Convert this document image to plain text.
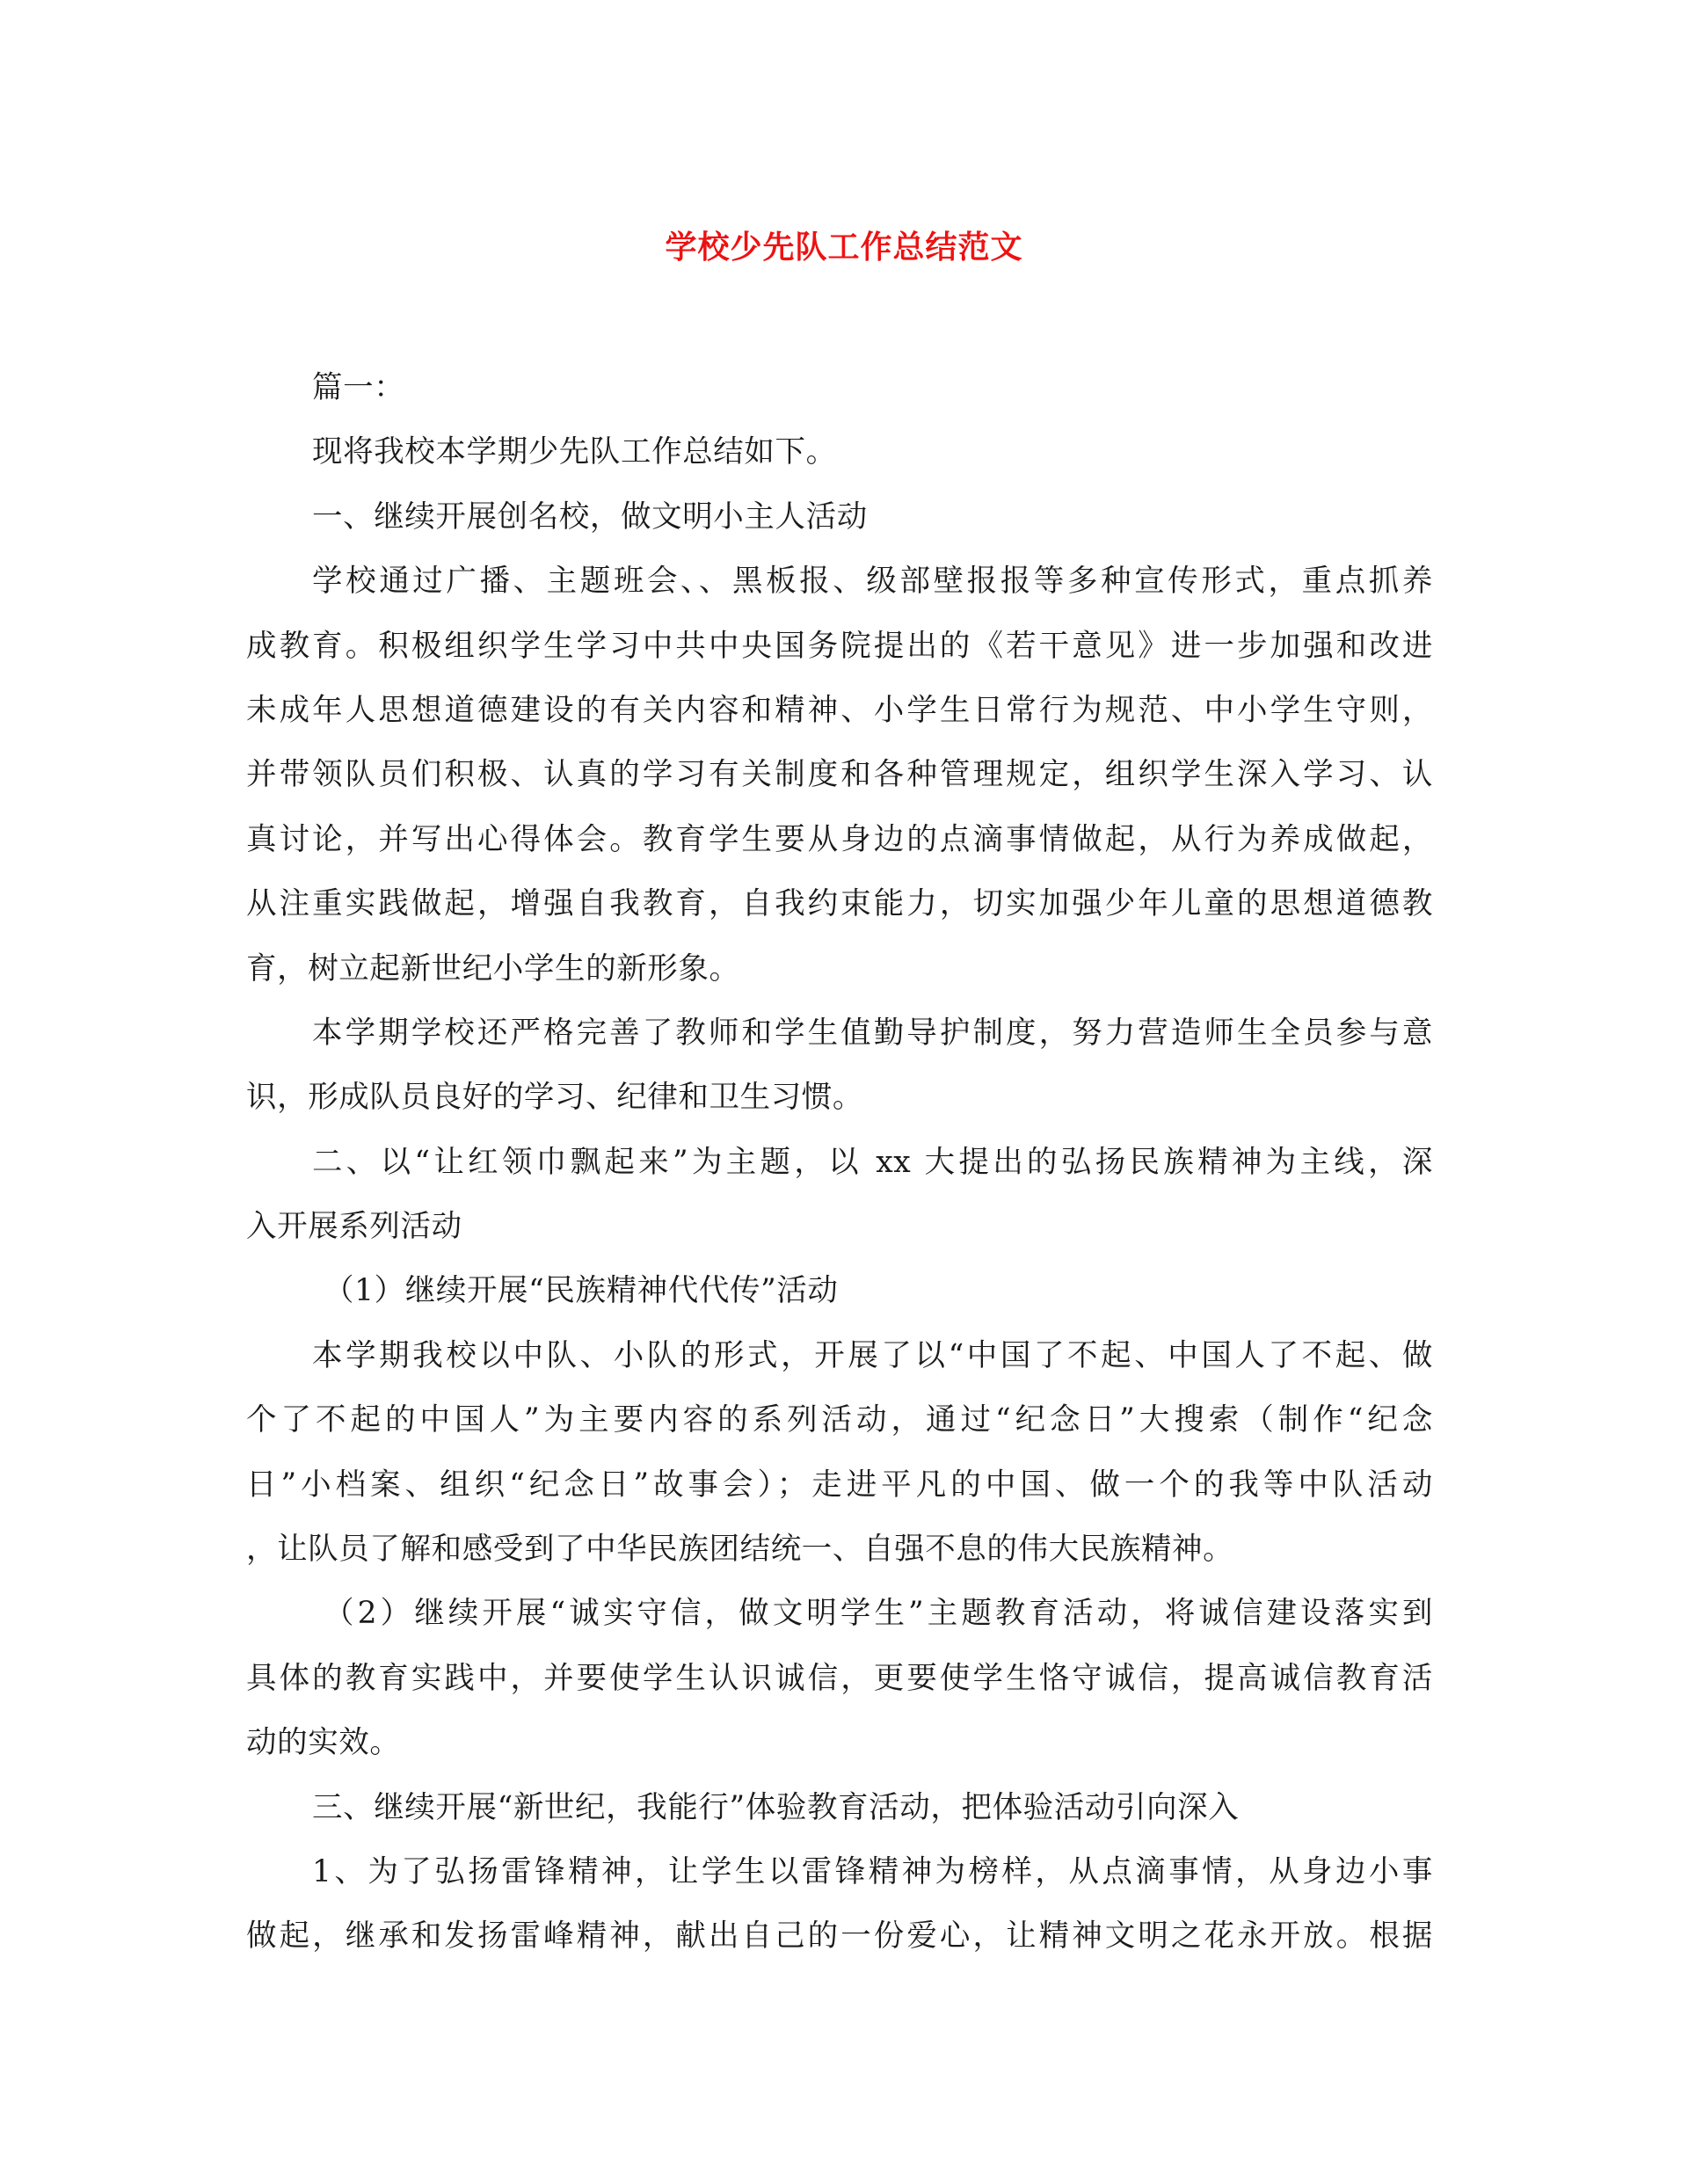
学校少先队工作总结范文
篇一：
现将我校本学期少先队工作总结如下。
一、继续开展创名校，做文明小主人活动
学校通过广播、主题班会、、黑板报、级部壁报报等多种宣传形式，重点抓养
成教育。积极组织学生学习中共中央国务院提出的《若干意见》进一步加强和改进
未成年人思想道德建设的有关内容和精神、小学生日常行为规范、中小学生守则，
并带领队员们积极、认真的学习有关制度和各种管理规定，组织学生深入学习、认
真讨论，并写出心得体会。教育学生要从身边的点滴事情做起，从行为养成做起，
从注重实践做起，增强自我教育，自我约束能力，切实加强少年儿童的思想道德教
育，树立起新世纪小学生的新形象。
本学期学校还严格完善了教师和学生值勤导护制度，努力营造师生全员参与意
识，形成队员良好的学习、纪律和卫生习惯。
二、以“让红领巾飘起来”为主题，以 xx 大提出的弘扬民族精神为主线，深
入开展系列活动
（1）继续开展“民族精神代代传”活动
本学期我校以中队、小队的形式，开展了以“中国了不起、中国人了不起、做
个了不起的中国人”为主要内容的系列活动，通过“纪念日”大搜索（制作“纪念
日”小档案、组织“纪念日”故事会）；走进平凡的中国、做一个的我等中队活动
，让队员了解和感受到了中华民族团结统一、自强不息的伟大民族精神。
（2）继续开展“诚实守信，做文明学生”主题教育活动，将诚信建设落实到
具体的教育实践中，并要使学生认识诚信，更要使学生恪守诚信，提高诚信教育活
动的实效。
三、继续开展“新世纪，我能行”体验教育活动，把体验活动引向深入
1、为了弘扬雷锋精神，让学生以雷锋精神为榜样，从点滴事情，从身边小事
做起，继承和发扬雷峰精神，献出自己的一份爱心，让精神文明之花永开放。根据
